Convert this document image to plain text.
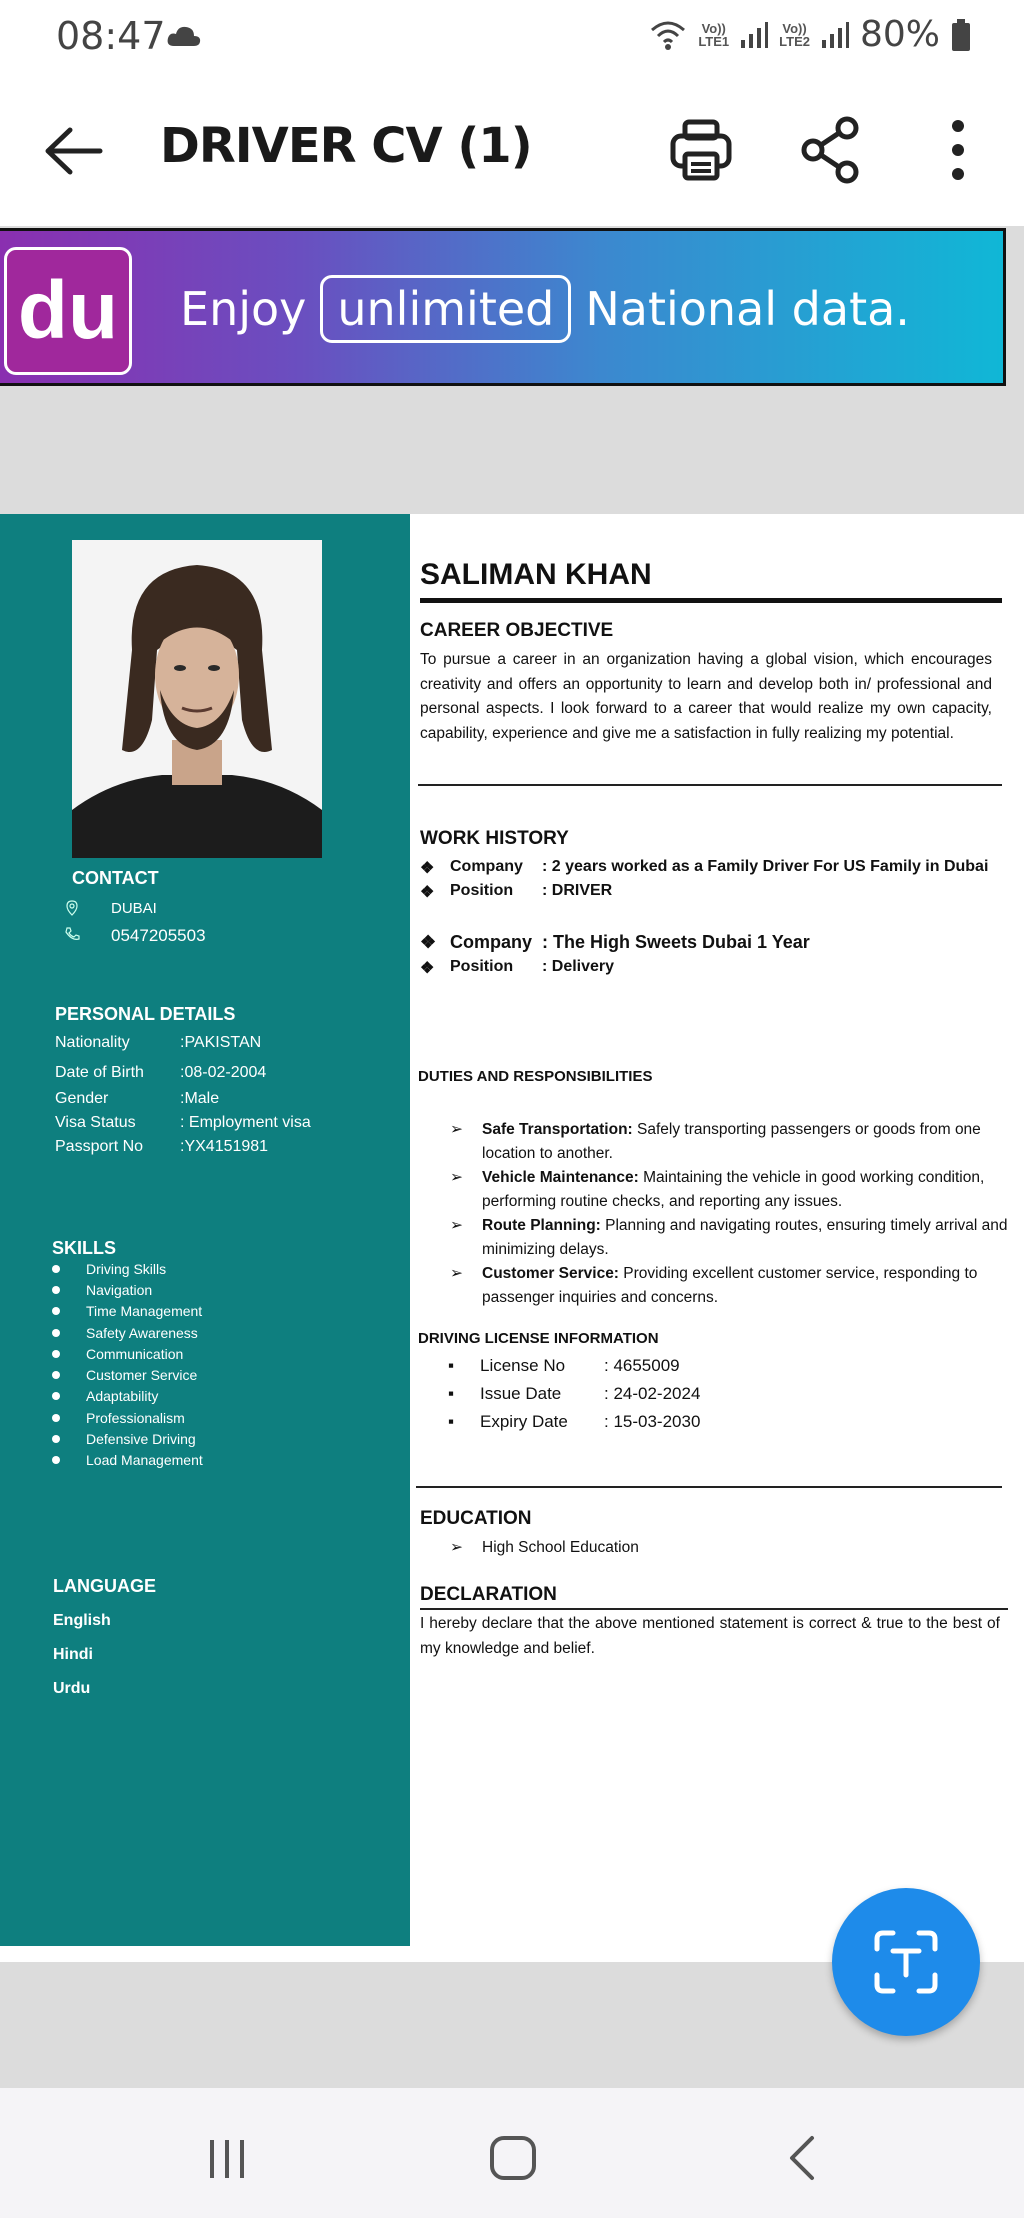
08:47	Vo))
LTE1
Vo))
LTE2 80%
DRIVER CV (1)
du	Enjoy unlimited National data.
CONTACT
DUBAI
0547205503
PERSONAL DETAILS
Nationality	:PAKISTAN
Date of Birth :08-02-2004
Gender	:Male
Visa Status	: Employment visa
Passport No :YX4151981
SKILLS
Driving Skills
Navigation
Time Management
Safety Awareness
Communication
Customer Service
Adaptability
Professionalism
Defensive Driving
Load Management
LANGUAGE
English
Hindi
Urdu
SALIMAN KHAN
CAREER OBJECTIVE
To pursue a career in an organization having a global vision, which encourages creativity and offers an opportunity to learn and develop both in/ professional and personal aspects. I look forward to a career that would realize my own capacity, capability, experience and give me a satisfaction in fully realizing my potential.
WORK HISTORY
❖ Company	: 2 years worked as a Family Driver For US Family in Dubai
❖ Position	: DRIVER
❖ Company : The High Sweets Dubai 1 Year
❖ Position	: Delivery
DUTIES AND RESPONSIBILITIES
➢	Safe Transportation: Safely transporting passengers or goods from one location to another.
➢	Vehicle Maintenance: Maintaining the vehicle in good working condition, performing routine checks, and reporting any issues.
➢	Route Planning: Planning and navigating routes, ensuring timely arrival and minimizing delays.
➢	Customer Service: Providing excellent customer service, responding to passenger inquiries and concerns.
DRIVING LICENSE INFORMATION
▪	License No	: 4655009
▪	Issue Date	: 24-02-2024
▪	Expiry Date	: 15-03-2030
EDUCATION
➢	High School Education
DECLARATION
I hereby declare that the above mentioned statement is correct & true to the best of my knowledge and belief.
